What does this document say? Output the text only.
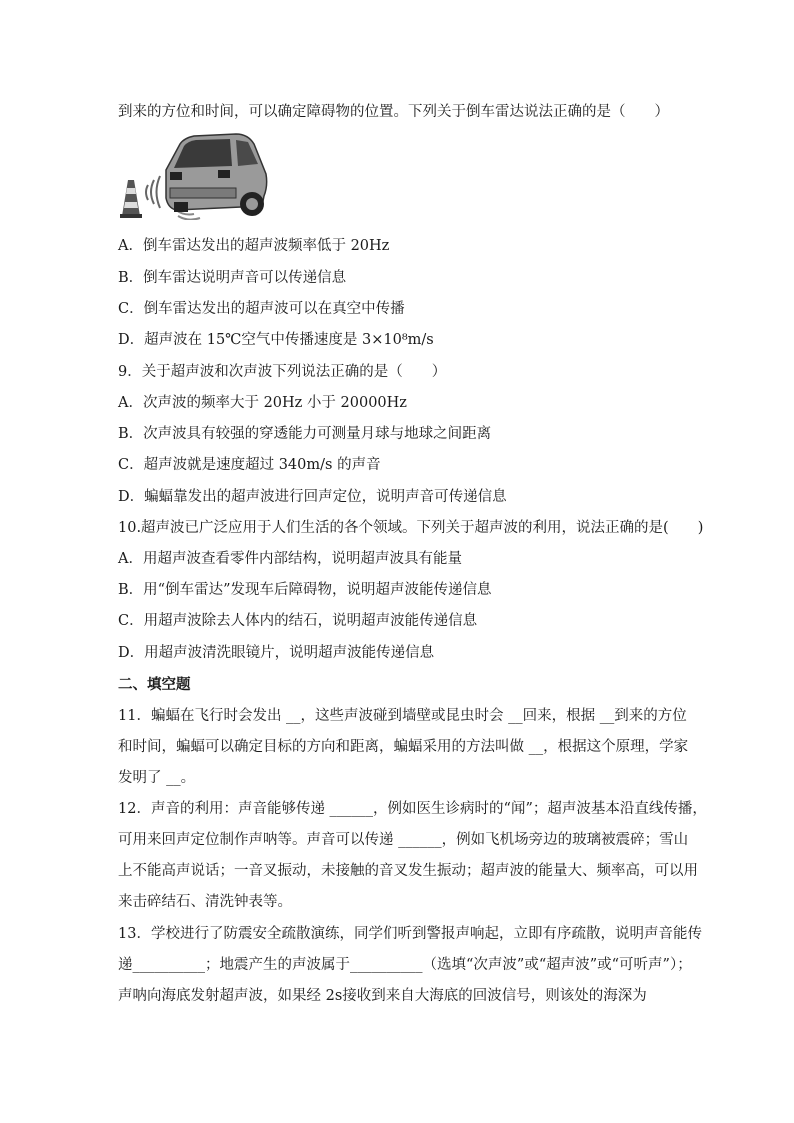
到来的方位和时间，可以确定障碍物的位置。下列关于倒车雷达说法正确的是（　　）
A．倒车雷达发出的超声波频率低于 20Hz
B．倒车雷达说明声音可以传递信息
C．倒车雷达发出的超声波可以在真空中传播
D．超声波在 15℃空气中传播速度是 3×10⁸m/s
9．关于超声波和次声波下列说法正确的是（　　）
A．次声波的频率大于 20Hz 小于 20000Hz
B．次声波具有较强的穿透能力可测量月球与地球之间距离
C．超声波就是速度超过 340m/s 的声音
D．蝙蝠靠发出的超声波进行回声定位，说明声音可传递信息
10.超声波已广泛应用于人们生活的各个领域。下列关于超声波的利用，说法正确的是(　　)
A．用超声波查看零件内部结构，说明超声波具有能量
B．用“倒车雷达”发现车后障碍物，说明超声波能传递信息
C．用超声波除去人体内的结石，说明超声波能传递信息
D．用超声波清洗眼镜片，说明超声波能传递信息
二、填空题
11．蝙蝠在飞行时会发出 __，这些声波碰到墙壁或昆虫时会 __回来，根据 __到来的方位
和时间，蝙蝠可以确定目标的方向和距离，蝙蝠采用的方法叫做 __，根据这个原理，学家
发明了 __。
12．声音的利用：声音能够传递 ______，例如医生诊病时的“闻”；超声波基本沿直线传播，
可用来回声定位制作声呐等。声音可以传递 ______，例如飞机场旁边的玻璃被震碎；雪山
上不能高声说话；一音叉振动，未接触的音叉发生振动；超声波的能量大、频率高，可以用
来击碎结石、清洗钟表等。
13．学校进行了防震安全疏散演练，同学们听到警报声响起，立即有序疏散，说明声音能传
递__________；地震产生的声波属于__________（选填“次声波”或“超声波”或“可听声”）；
声呐向海底发射超声波，如果经 2s接收到来自大海底的回波信号，则该处的海深为
